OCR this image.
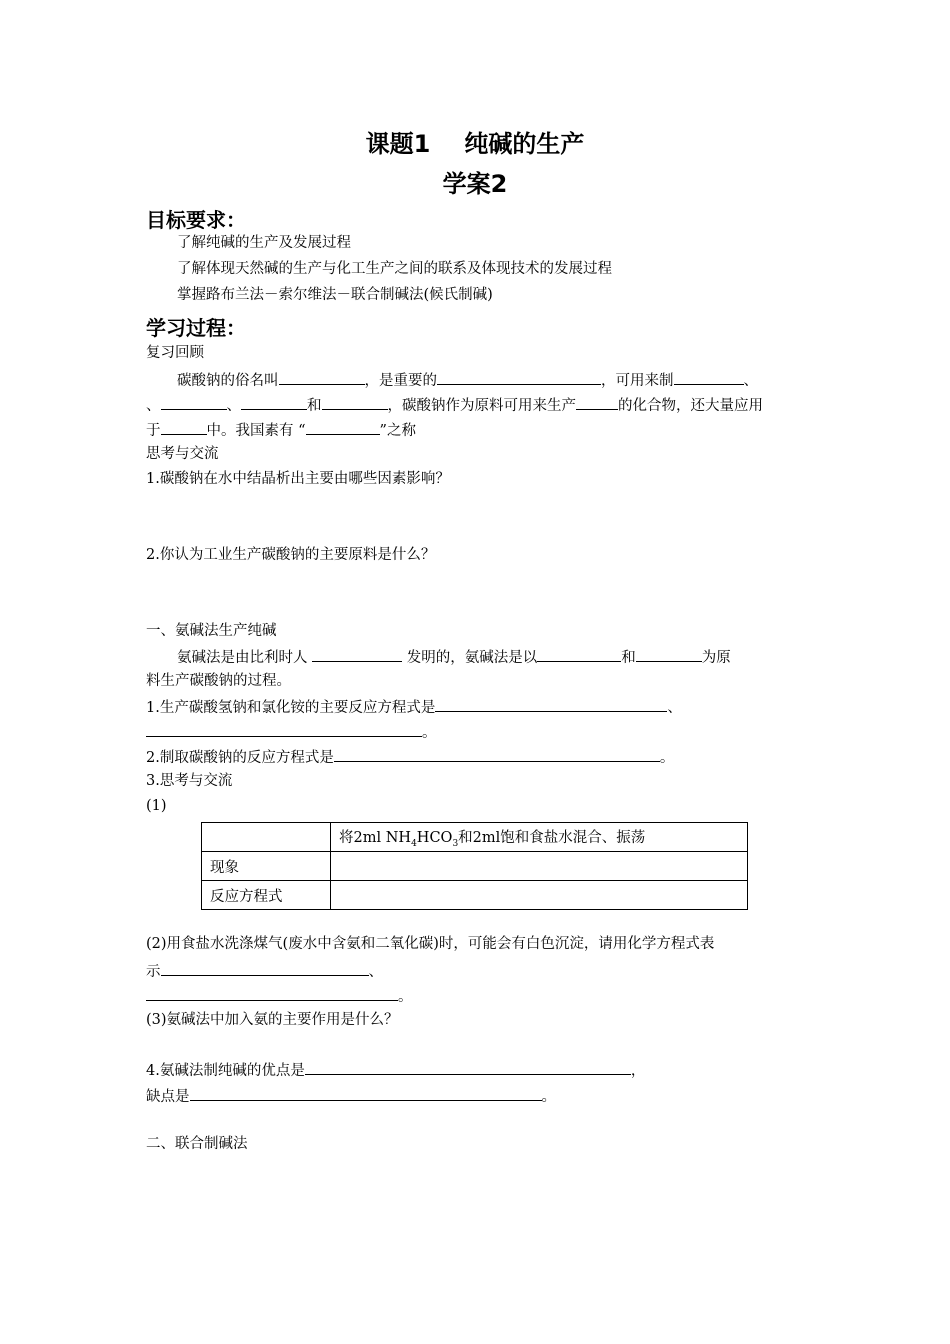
课题1 纯碱的生产
学案2
目标要求：
了解纯碱的生产及发展过程
了解体现天然碱的生产与化工生产之间的联系及体现技术的发展过程
掌握路布兰法－索尔维法－联合制碱法(候氏制碱)
学习过程：
复习回顾
碳酸钠的俗名叫	，是重要的	，可用来制	、
、	、	和	，碳酸钠作为原料可用来生产	的化合物，还大量应用
于	中。我国素有 “	”之称
思考与交流
1.碳酸钠在水中结晶析出主要由哪些因素影响？
2.你认为工业生产碳酸钠的主要原料是什么？
一、氨碱法生产纯碱
氨碱法是由比利时人	发明的，氨碱法是以	和	为原
料生产碳酸钠的过程。
1.生产碳酸氢钠和氯化铵的主要反应方程式是	、
。
2.制取碳酸钠的反应方程式是	。
3.思考与交流
(1)
	将2ml $NH_4HCO_3$和2ml饱和食盐水混合、振荡
现象	
反应方程式	
(2)用食盐水洗涤煤气(废水中含氨和二氧化碳)时，可能会有白色沉淀，请用化学方程式表
示	、
。
(3)氨碱法中加入氨的主要作用是什么？
4.氨碱法制纯碱的优点是	，
缺点是	。
二、联合制碱法
